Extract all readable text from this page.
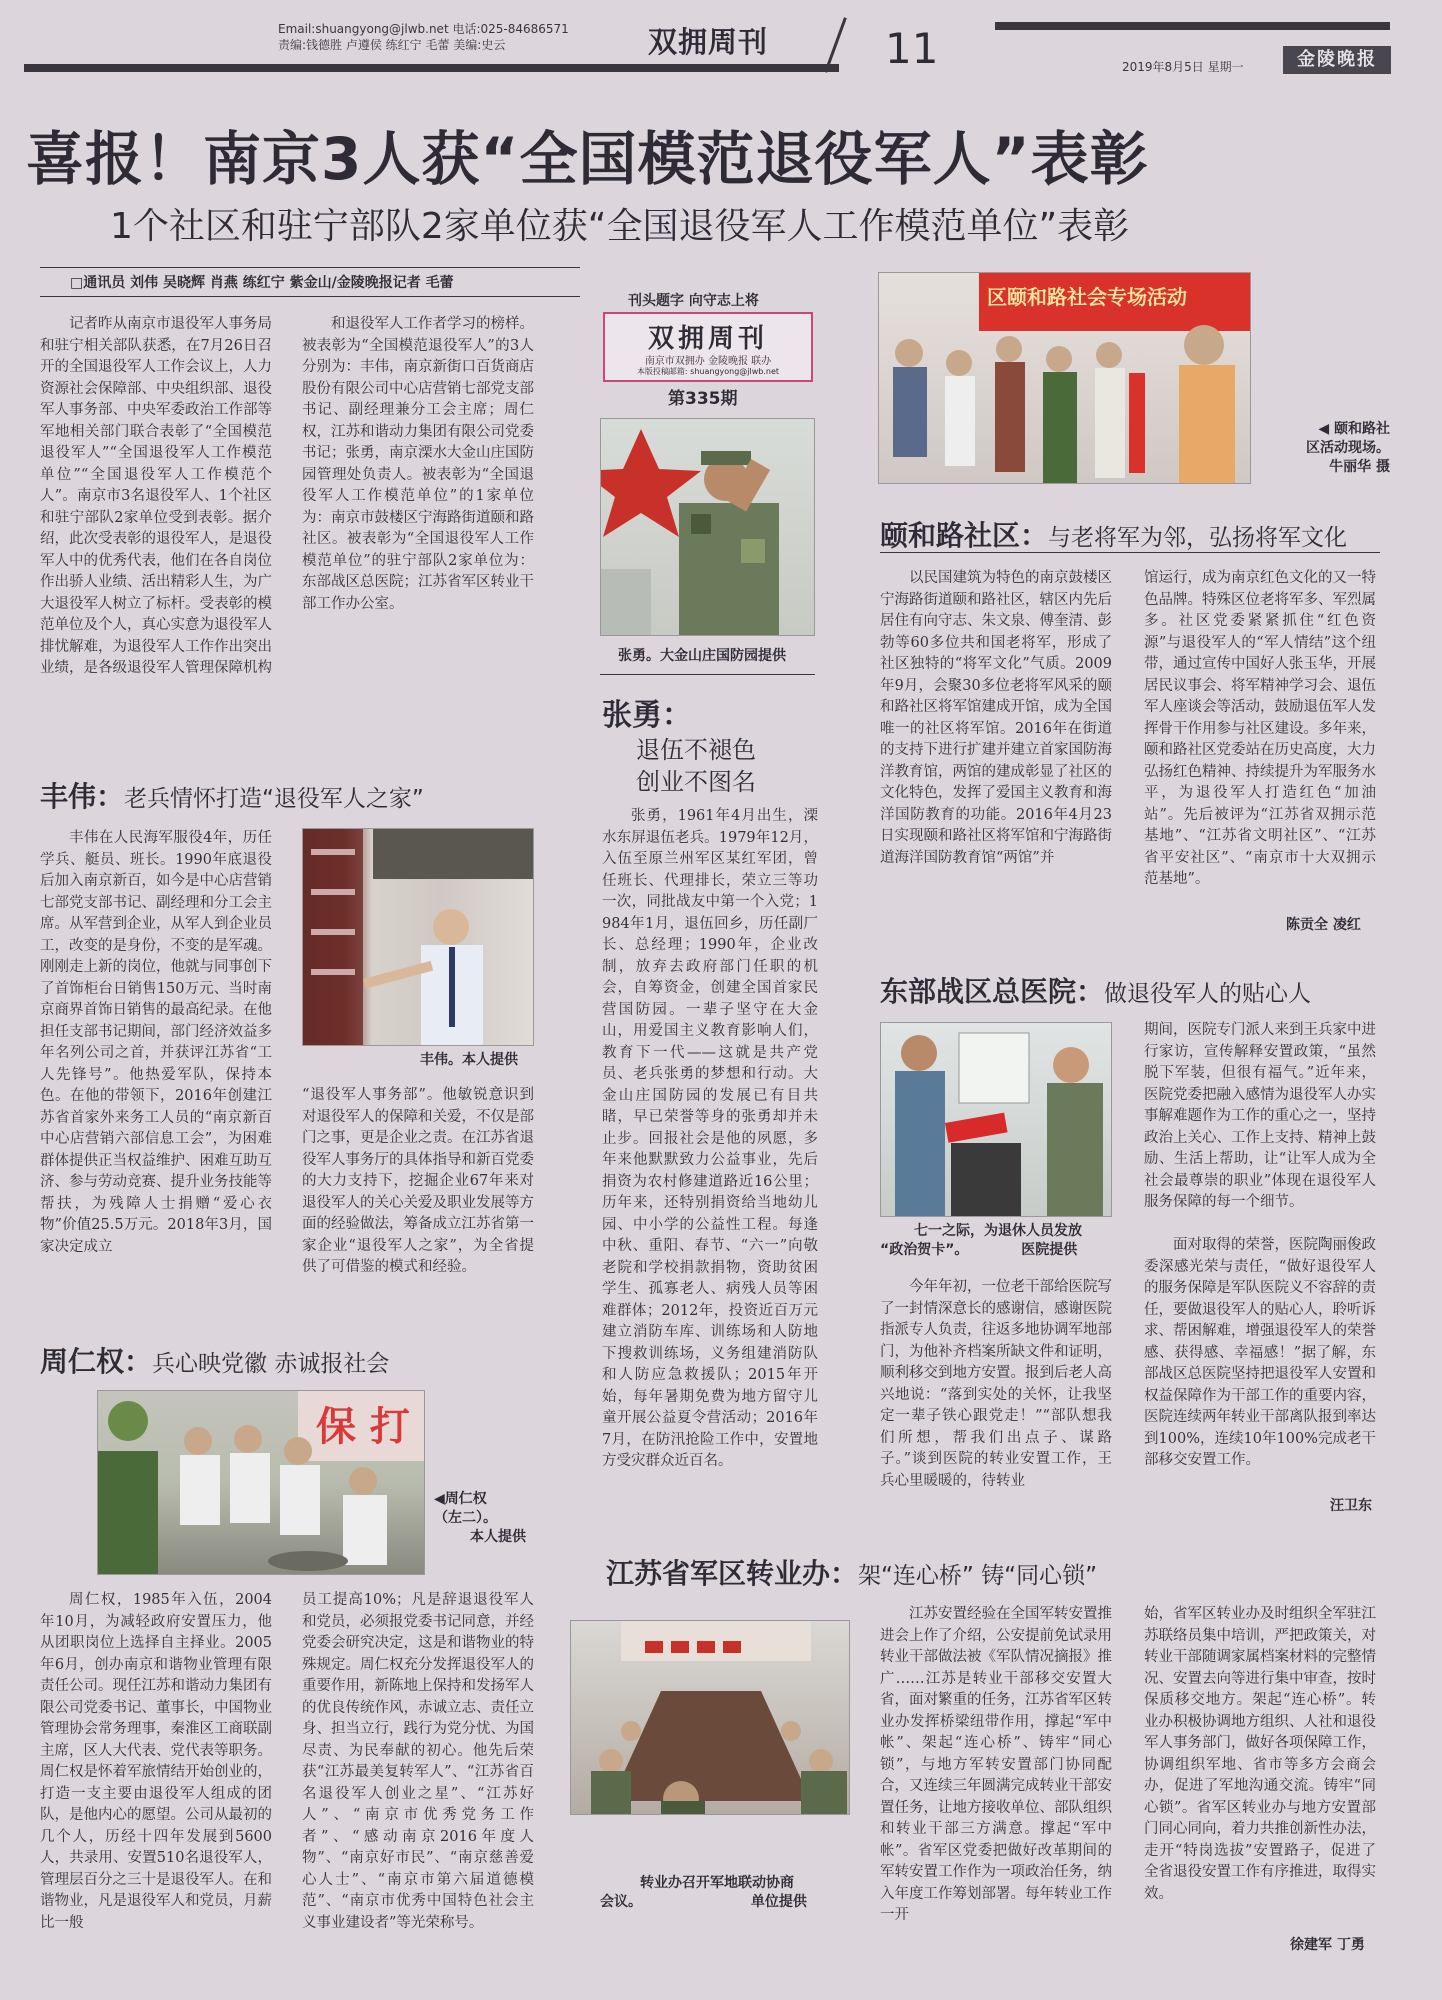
Email:shuangyong@jlwb.net 电话:025-84686571
责编:钱德胜 卢遵侯 练红宁 毛蕾 美编:史云	双拥周刊	11	2019年8月5日 星期一	金陵晚报
喜报！南京3人获“全国模范退役军人”表彰
1个社区和驻宁部队2家单位获“全国退役军人工作模范单位”表彰
□通讯员 刘伟 吴晓辉 肖燕 练红宁 紫金山/金陵晚报记者 毛蕾

记者昨从南京市退役军人事务局和驻宁相关部队获悉，在7月26日召开的全国退役军人工作会议上，人力资源社会保障部、中央组织部、退役军人事务部、中央军委政治工作部等军地相关部门联合表彰了“全国模范退役军人”“全国退役军人工作模范单位”“全国退役军人工作模范个人”。南京市3名退役军人、1个社区和驻宁部队2家单位受到表彰。据介绍，此次受表彰的退役军人，是退役军人中的优秀代表，他们在各自岗位作出骄人业绩、活出精彩人生，为广大退役军人树立了标杆。受表彰的模范单位及个人，真心实意为退役军人排忧解难，为退役军人工作作出突出业绩，是各级退役军人管理保障机构

和退役军人工作者学习的榜样。被表彰为“全国模范退役军人”的3人分别为：丰伟，南京新街口百货商店股份有限公司中心店营销七部党支部书记、副经理兼分工会主席；周仁权，江苏和谐动力集团有限公司党委书记；张勇，南京溧水大金山庄国防园管理处负责人。被表彰为“全国退役军人工作模范单位”的1家单位为：南京市鼓楼区宁海路街道颐和路社区。被表彰为“全国退役军人工作模范单位”的驻宁部队2家单位为：东部战区总医院；江苏省军区转业干部工作办公室。

丰伟：老兵情怀打造“退役军人之家”

丰伟在人民海军服役4年，历任学兵、艇员、班长。1990年底退役后加入南京新百，如今是中心店营销七部党支部书记、副经理和分工会主席。从军营到企业，从军人到企业员工，改变的是身份，不变的是军魂。刚刚走上新的岗位，他就与同事创下了首饰柜台日销售150万元、当时南京商界首饰日销售的最高纪录。在他担任支部书记期间，部门经济效益多年名列公司之首，并获评江苏省“工人先锋号”。他热爱军队，保持本色。在他的带领下，2016年创建江苏省首家外来务工人员的“南京新百中心店营销六部信息工会”，为困难群体提供正当权益维护、困难互助互济、参与劳动竞赛、提升业务技能等帮扶，为残障人士捐赠“爱心衣物”价值25.5万元。2018年3月，国家决定成立

丰伟。本人提供

“退役军人事务部”。他敏锐意识到对退役军人的保障和关爱，不仅是部门之事，更是企业之责。在江苏省退役军人事务厅的具体指导和新百党委的大力支持下，挖掘企业67年来对退役军人的关心关爱及职业发展等方面的经验做法，筹备成立江苏省第一家企业“退役军人之家”，为全省提供了可借鉴的模式和经验。

周仁权：兵心映党徽 赤诚报社会
保 打
◀周仁权
（左二）。
本人提供

周仁权，1985年入伍，2004年10月，为减轻政府安置压力，他从团职岗位上选择自主择业。2005年6月，创办南京和谐物业管理有限责任公司。现任江苏和谐动力集团有限公司党委书记、董事长，中国物业管理协会常务理事，秦淮区工商联副主席，区人大代表、党代表等职务。周仁权是怀着军旅情结开始创业的，打造一支主要由退役军人组成的团队，是他内心的愿望。公司从最初的几个人，历经十四年发展到5600人，共录用、安置510名退役军人，管理层百分之三十是退役军人。在和谐物业，凡是退役军人和党员，月薪比一般

员工提高10%；凡是辞退退役军人和党员，必须报党委书记同意，并经党委会研究决定，这是和谐物业的特殊规定。周仁权充分发挥退役军人的重要作用，新陈地上保持和发扬军人的优良传统作风，赤诚立志、责任立身、担当立行，践行为党分忧、为国尽责、为民奉献的初心。他先后荣获“江苏最美复转军人”、“江苏省百名退役军人创业之星”、“江苏好人”、“南京市优秀党务工作者”、“感动南京2016年度人物”、“南京好市民”、“南京慈善爱心人士”、“南京市第六届道德模范”、“南京市优秀中国特色社会主义事业建设者”等光荣称号。

刊头题字 向守志上将
双拥周刊
南京市双拥办 金陵晚报 联办
本版投稿邮箱: shuangyong@jlwb.net
第335期
张勇。大金山庄国防园提供
张勇：
退伍不褪色
创业不图名

张勇，1961年4月出生，溧水东屏退伍老兵。1979年12月，入伍至原兰州军区某红军团，曾任班长、代理排长，荣立三等功一次，同批战友中第一个入党；1984年1月，退伍回乡，历任副厂长、总经理；1990年，企业改制，放弃去政府部门任职的机会，自筹资金，创建全国首家民营国防园。一辈子坚守在大金山，用爱国主义教育影响人们，教育下一代——这就是共产党员、老兵张勇的梦想和行动。大金山庄国防园的发展已有目共睹，早已荣誉等身的张勇却并未止步。回报社会是他的夙愿，多年来他默默致力公益事业，先后捐资为农村修建道路近16公里；历年来，还特别捐资给当地幼儿园、中小学的公益性工程。每逢中秋、重阳、春节、“六一”向敬老院和学校捐款捐物，资助贫困学生、孤寡老人、病残人员等困难群体；2012年，投资近百万元建立消防车库、训练场和人防地下搜救训练场，义务组建消防队和人防应急救援队；2015年开始，每年暑期免费为地方留守儿童开展公益夏令营活动；2016年7月，在防汛抢险工作中，安置地方受灾群众近百名。

区颐和路社会专场活动
◀ 颐和路社
区活动现场。
牛丽华 摄
颐和路社区：与老将军为邻，弘扬将军文化

以民国建筑为特色的南京鼓楼区宁海路街道颐和路社区，辖区内先后居住有向守志、朱文泉、傅奎清、彭勃等60多位共和国老将军，形成了社区独特的“将军文化”气质。2009年9月，会聚30多位老将军风采的颐和路社区将军馆建成开馆，成为全国唯一的社区将军馆。2016年在街道的支持下进行扩建并建立首家国防海洋教育馆，两馆的建成彰显了社区的文化特色，发挥了爱国主义教育和海洋国防教育的功能。2016年4月23日实现颐和路社区将军馆和宁海路街道海洋国防教育馆“两馆”并

馆运行，成为南京红色文化的又一特色品牌。特殊区位老将军多、军烈属多。社区党委紧紧抓住“红色资源”与退役军人的“军人情结”这个纽带，通过宣传中国好人张玉华，开展居民议事会、将军精神学习会、退伍军人座谈会等活动，鼓励退伍军人发挥骨干作用参与社区建设。多年来，颐和路社区党委站在历史高度，大力弘扬红色精神、持续提升为军服务水平，为退役军人打造红色“加油站”。先后被评为“江苏省双拥示范基地”、“江苏省文明社区”、“江苏省平安社区”、“南京市十大双拥示范基地”。

陈贡全 凌红
东部战区总医院：做退役军人的贴心人
七一之际，为退休人员发放
“政治贺卡”。	医院提供

期间，医院专门派人来到王兵家中进行家访，宣传解释安置政策，“虽然脱下军装，但很有福气。”近年来，医院党委把融入感情为退役军人办实事解难题作为工作的重心之一，坚持政治上关心、工作上支持、精神上鼓励、生活上帮助，让“让军人成为全社会最尊崇的职业”体现在退役军人服务保障的每一个细节。

今年年初，一位老干部给医院写了一封情深意长的感谢信，感谢医院指派专人负责，往返多地协调军地部门，为他补齐档案所缺文件和证明，顺利移交到地方安置。报到后老人高兴地说：“落到实处的关怀，让我坚定一辈子铁心跟党走！”“部队想我们所想，帮我们出点子、谋路子。”谈到医院的转业安置工作，王兵心里暖暖的，待转业

面对取得的荣誉，医院陶丽俊政委深感光荣与责任，“做好退役军人的服务保障是军队医院义不容辞的责任，要做退役军人的贴心人，聆听诉求、帮困解难，增强退役军人的荣誉感、获得感、幸福感！”据了解，东部战区总医院坚持把退役军人安置和权益保障作为干部工作的重要内容，医院连续两年转业干部离队报到率达到100%，连续10年100%完成老干部移交安置工作。

汪卫东
江苏省军区转业办：架“连心桥” 铸“同心锁”
转业办召开军地联动协商
会议。	单位提供

江苏安置经验在全国军转安置推进会上作了介绍，公安提前免试录用转业干部做法被《军队情况摘报》推广……江苏是转业干部移交安置大省，面对繁重的任务，江苏省军区转业办发挥桥梁纽带作用，撑起“军中帐”、架起“连心桥”、铸牢“同心锁”，与地方军转安置部门协同配合，又连续三年圆满完成转业干部安置任务，让地方接收单位、部队组织和转业干部三方满意。撑起“军中帐”。省军区党委把做好改革期间的军转安置工作作为一项政治任务，纳入年度工作筹划部署。每年转业工作一开

始，省军区转业办及时组织全军驻江苏联络员集中培训，严把政策关，对转业干部随调家属档案材料的完整情况、安置去向等进行集中审查，按时保质移交地方。架起“连心桥”。转业办积极协调地方组织、人社和退役军人事务部门，做好各项保障工作，协调组织军地、省市等多方会商会办，促进了军地沟通交流。铸牢“同心锁”。省军区转业办与地方安置部门同心同向，着力共推创新性办法，走开“特岗选拔”安置路子，促进了全省退役安置工作有序推进，取得实效。

徐建军 丁勇
